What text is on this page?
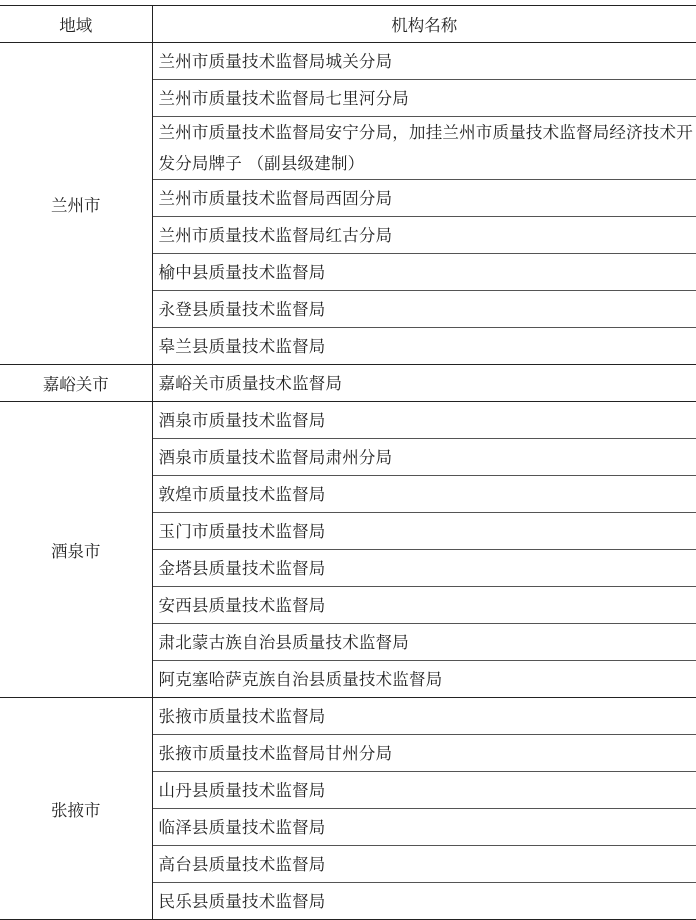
地域	机构名称
兰州市	兰州市质量技术监督局城关分局
	兰州市质量技术监督局七里河分局
	兰州市质量技术监督局安宁分局，加挂兰州市质量技术监督局经济技术开发分局牌子 （副县级建制）
	兰州市质量技术监督局西固分局
	兰州市质量技术监督局红古分局
	榆中县质量技术监督局
	永登县质量技术监督局
	皋兰县质量技术监督局
嘉峪关市	嘉峪关市质量技术监督局
酒泉市	酒泉市质量技术监督局
	酒泉市质量技术监督局肃州分局
	敦煌市质量技术监督局
	玉门市质量技术监督局
	金塔县质量技术监督局
	安西县质量技术监督局
	肃北蒙古族自治县质量技术监督局
	阿克塞哈萨克族自治县质量技术监督局
张掖市	张掖市质量技术监督局
	张掖市质量技术监督局甘州分局
	山丹县质量技术监督局
	临泽县质量技术监督局
	高台县质量技术监督局
	民乐县质量技术监督局
